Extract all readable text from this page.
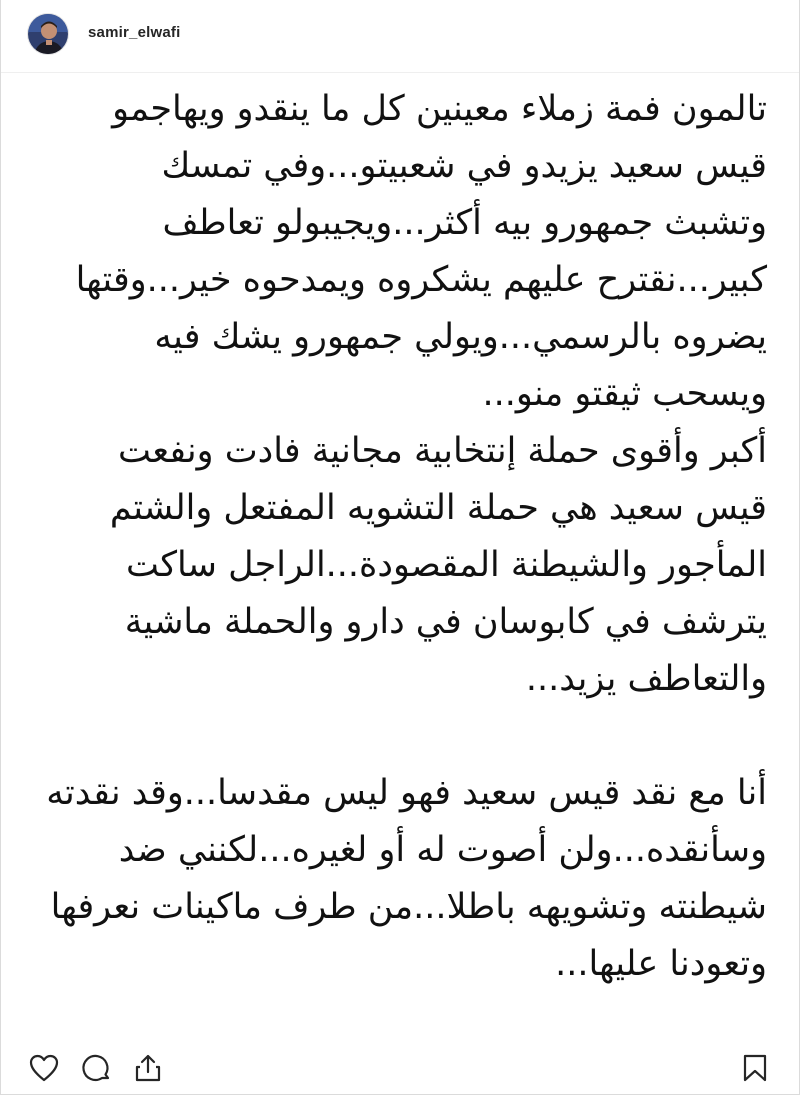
samir_elwafi
تالمون فمة زملاء معينين كل ما ينقدو ويهاجمو
قيس سعيد يزيدو في شعبيتو...وفي تمسك
وتشبث جمهورو بيه أكثر...ويجيبولو تعاطف
كبير...نقترح عليهم يشكروه ويمدحوه خير...وقتها
يضروه بالرسمي...ويولي جمهورو يشك فيه
ويسحب ثيقتو منو...
أكبر وأقوى حملة إنتخابية مجانية فادت ونفعت
قيس سعيد هي حملة التشويه المفتعل والشتم
المأجور والشيطنة المقصودة...الراجل ساكت
يترشف في كابوسان في دارو والحملة ماشية
والتعاطف يزيد...
أنا مع نقد قيس سعيد فهو ليس مقدسا...وقد نقدته
وسأنقده...ولن أصوت له أو لغيره...لكنني ضد
شيطنته وتشويهه باطلا...من طرف ماكينات نعرفها
وتعودنا عليها...
